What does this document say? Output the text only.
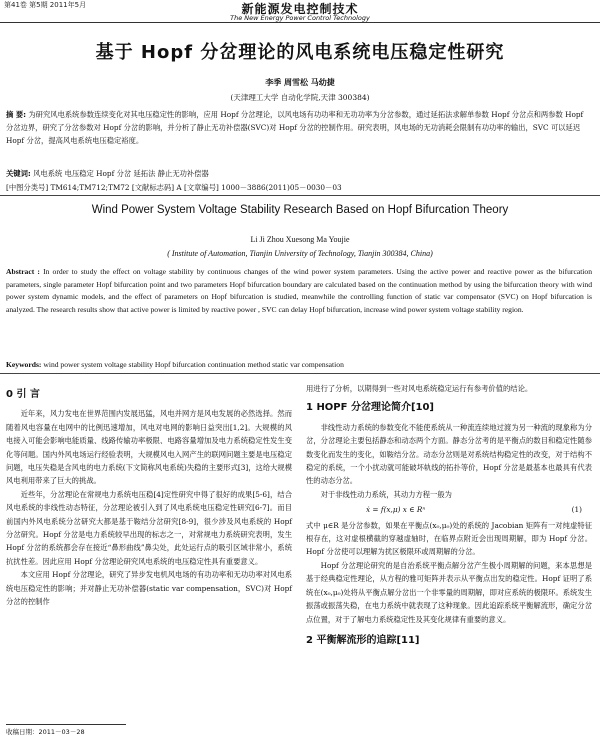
第41卷 第5期 2011年5月	新能源发电控制技术
The New Energy Power Control Technology
基于 Hopf 分岔理论的风电系统电压稳定性研究
李季 周雪松 马幼捷
(天津理工大学 自动化学院,天津 300384)
摘 要: 为研究风电系统参数连续变化对其电压稳定性的影响，应用 Hopf 分岔理论，以风电场有功功率和无功功率为分岔参数，通过延拓法求解单参数 Hopf 分岔点和两参数 Hopf 分岔边界，研究了分岔参数对 Hopf 分岔的影响，并分析了静止无功补偿器(SVC)对 Hopf 分岔的控制作用。研究表明，风电场的无功消耗会限制有功功率的输出，SVC 可以延迟 Hopf 分岔，提高风电系统电压稳定裕度。
关键词: 风电系统 电压稳定 Hopf 分岔 延拓法 静止无功补偿器
[中图分类号] TM614;TM712;TM72 [文献标志码] A [文章编号] 1000－3886(2011)05－0030－03
Wind Power System Voltage Stability Research Based on Hopf Bifurcation Theory
Li Ji Zhou Xuesong Ma Youjie
( Institute of Automation, Tianjin University of Technology, Tianjin 300384, China)
Abstract : In order to study the effect on voltage stability by continuous changes of the wind power system parameters. Using the active power and reactive power as the bifurcation parameters, single parameter Hopf bifurcation point and two parameters Hopf bifurcation boundary are calculated based on the continuation method by using the bifurcation theory with wind power system dynamic models, and the effect of parameters on Hopf bifurcation is studied, meanwhile the controlling function of static var compensator (SVC) on Hopf bifurcation is analyzed. The research results show that active power is limited by reactive power , SVC can delay Hopf bifurcation, increase wind power system voltage stability region.
Keywords: wind power system voltage stability Hopf bifurcation continuation method static var compensation
0 引 言

近年来，风力发电在世界范围内发展迅猛，风电并网方是风电发展的必然选择。然而随着风电容量在电网中的比例迅速增加，风电对电网的影响日益突出[1,2]。大规模的风电接入可能会影响电能质量、线路传输功率极限、电路容量增加及电力系统稳定性发生变化等问题。国内外风电场运行经验表明，大规模风电入网产生的联网问题主要是电压稳定问题，电压失稳是含风电的电力系统(下文简称风电系统)失稳的主要形式[3]，这给大规模风电利用带来了巨大的挑战。

近些年，分岔理论在常规电力系统电压稳[4]定性研究中得了很好的成果[5-6]，结合风电系统的非线性动态特征，分岔理论被引入到了风电系统电压稳定性研究[6-7]。而目前国内外风电系统分岔研究大都是基于鞍结分岔研究[8-9]，很少涉及风电系统的 Hopf 分岔研究。Hopf 分岔是电力系统较早出现的标志之一，对常规电力系统研究表明，发生 Hopf 分岔的系统都会存在接近“鼻形曲线”鼻尖处，此处运行点的吸引区域非常小，系统抗扰性差。因此应用 Hopf 分岔理论研究风电系统的电压稳定性具有重要意义。

本文应用 Hopf 分岔理论，研究了异步发电机风电场的有功功率和无功功率对风电系统电压稳定性的影响；并对静止无功补偿器(static var compensation，SVC)对 Hopf 分岔的控制作

用进行了分析，以期得到一些对风电系统稳定运行有参考价值的结论。

1 HOPF 分岔理论简介[10]

非线性动力系统的参数变化不能使系统从一种流连续地过渡为另一种流的现象称为分岔，分岔理论主要包括静态和动态两个方面。静态分岔考的是平衡点的数目和稳定性随参数变化而发生的变化，如鞍结分岔。动态分岔则是对系统结构稳定性的改变，对于结构不稳定的系统，一个小扰动就可能破坏轨线的拓扑等价，Hopf 分岔是最基本也最具有代表性的动态分岔。

对于非线性动力系统，其动力方程一般为

ẋ = f(x,μ) x ∈ Rⁿ	(1)

式中 μ∈R 是分岔参数，如果在平衡点(x₀,μ₀)处的系统的 Jacobian 矩阵有一对纯虚特征根存在，这对虚根横截的穿越虚轴时，在临界点附近会出现周期解，即为 Hopf 分岔。Hopf 分岔使可以理解为扰区极限环或周期解的分岔。

Hopf 分岔理论研究的是自治系统平衡点解分岔产生极小周期解的问题，来本思想是基于经典稳定性理论，从方程的雅可矩阵并表示从平衡点出发的稳定性。Hopf 证明了系统在(x₀,μ₀)处将从平衡点解分岔出一个非零量的周期解，即对应系统的极限环。系统发生振荡或振荡失稳，在电力系统中就表现了这种现象。因此追踪系统平衡解流形，确定分岔点位置，对于了解电力系统稳定性及其变化规律有重要的意义。

2 平衡解流形的追踪[11]
收稿日期：2011－03－28
